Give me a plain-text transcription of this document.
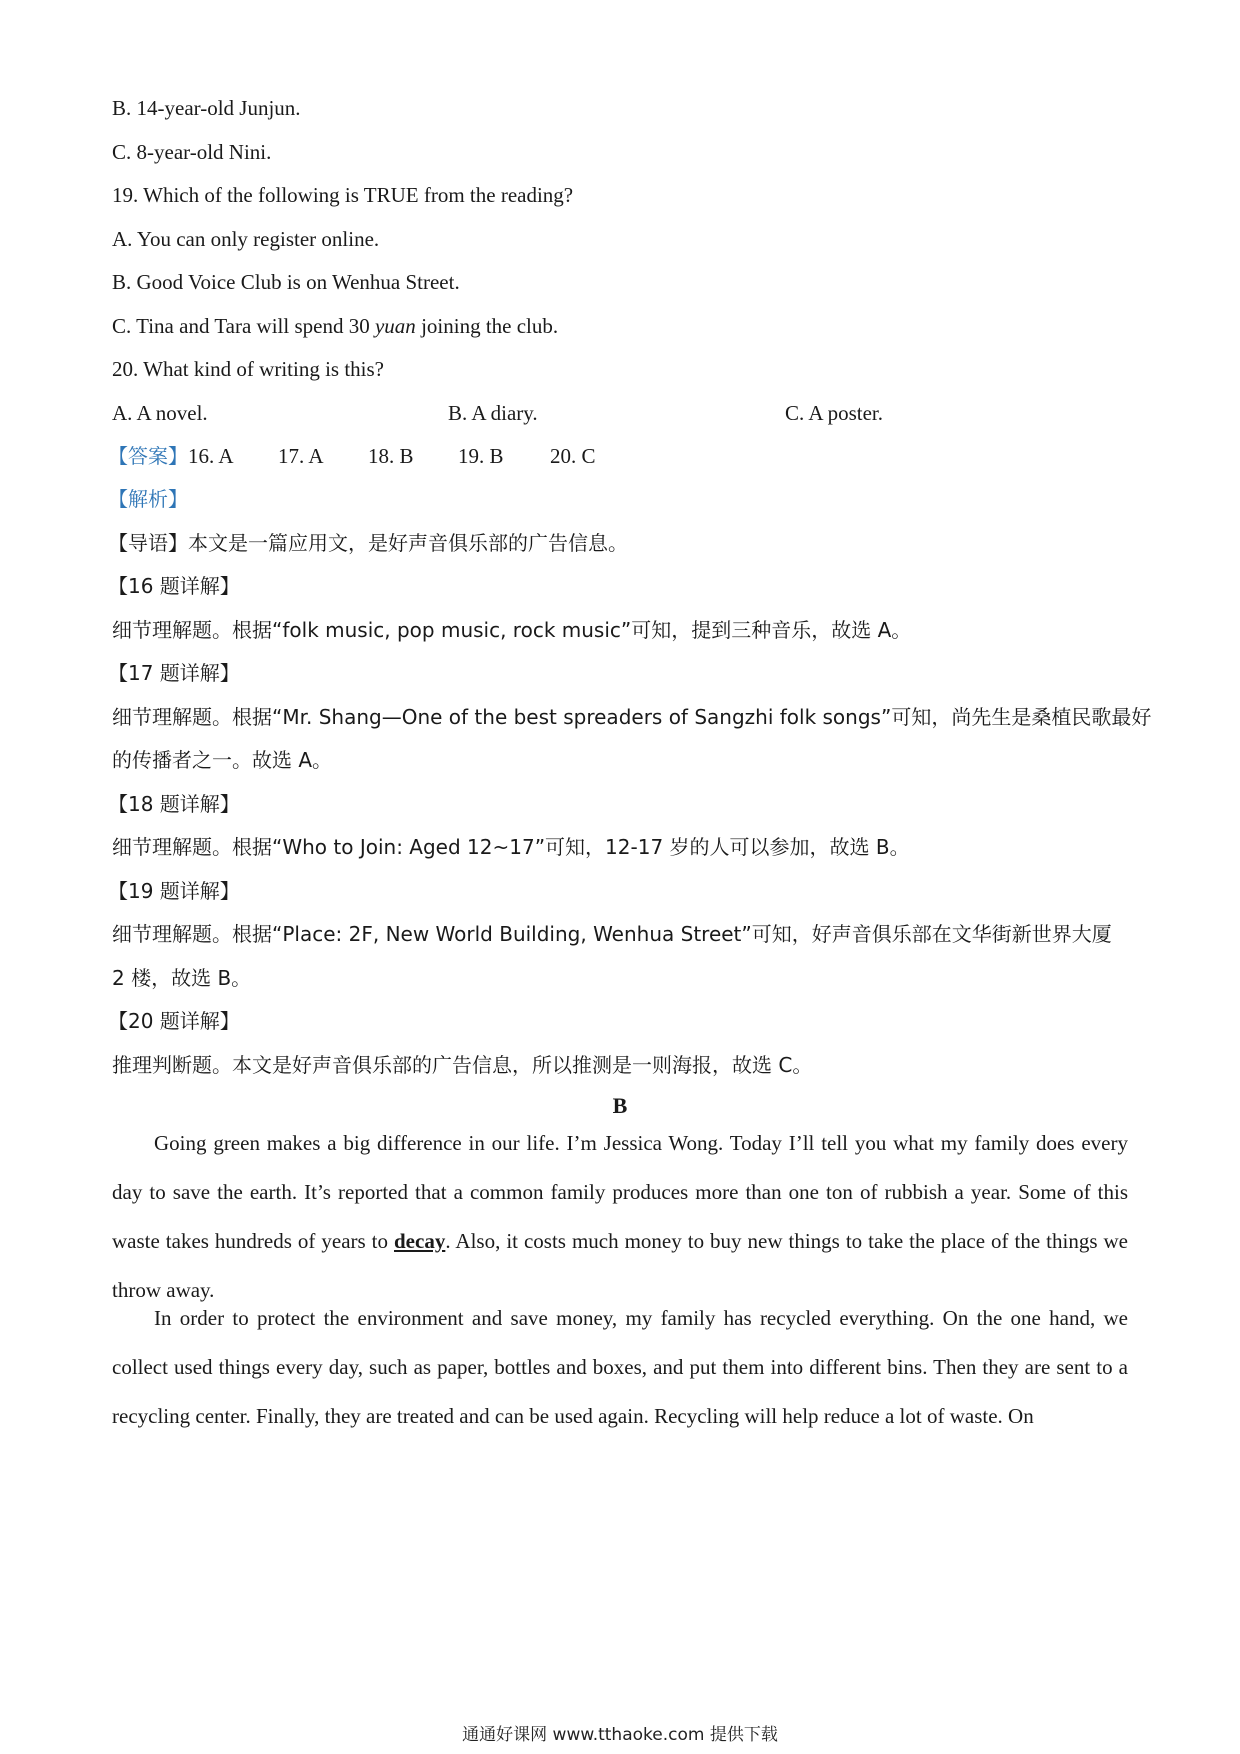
B. 14-year-old Junjun.
C. 8-year-old Nini.
19. Which of the following is TRUE from the reading?
A. You can only register online.
B. Good Voice Club is on Wenhua Street.
C. Tina and Tara will spend 30 yuan joining the club.
20. What kind of writing is this?
A. A novel.	B. A diary.	C. A poster.
【答案】16. A 17. A 18. B 19. B 20. C
【解析】
【导语】本文是一篇应用文，是好声音俱乐部的广告信息。
【16 题详解】
细节理解题。根据“folk music, pop music, rock music”可知，提到三种音乐，故选 A。
【17 题详解】
细节理解题。根据“Mr. Shang—One of the best spreaders of Sangzhi folk songs”可知，尚先生是桑植民歌最好
的传播者之一。故选 A。
【18 题详解】
细节理解题。根据“Who to Join: Aged 12~17”可知，12-17 岁的人可以参加，故选 B。
【19 题详解】
细节理解题。根据“Place: 2F, New World Building, Wenhua Street”可知，好声音俱乐部在文华街新世界大厦
2 楼，故选 B。
【20 题详解】
推理判断题。本文是好声音俱乐部的广告信息，所以推测是一则海报，故选 C。
B

Going green makes a big difference in our life. I’m Jessica Wong. Today I’ll tell you what my family does every day to save the earth. It’s reported that a common family produces more than one ton of rubbish a year. Some of this waste takes hundreds of years to decay. Also, it costs much money to buy new things to take the place of the things we throw away.

In order to protect the environment and save money, my family has recycled everything. On the one hand, we collect used things every day, such as paper, bottles and boxes, and put them into different bins. Then they are sent to a recycling center. Finally, they are treated and can be used again. Recycling will help reduce a lot of waste. On

通通好课网 www.tthaoke.com 提供下载
